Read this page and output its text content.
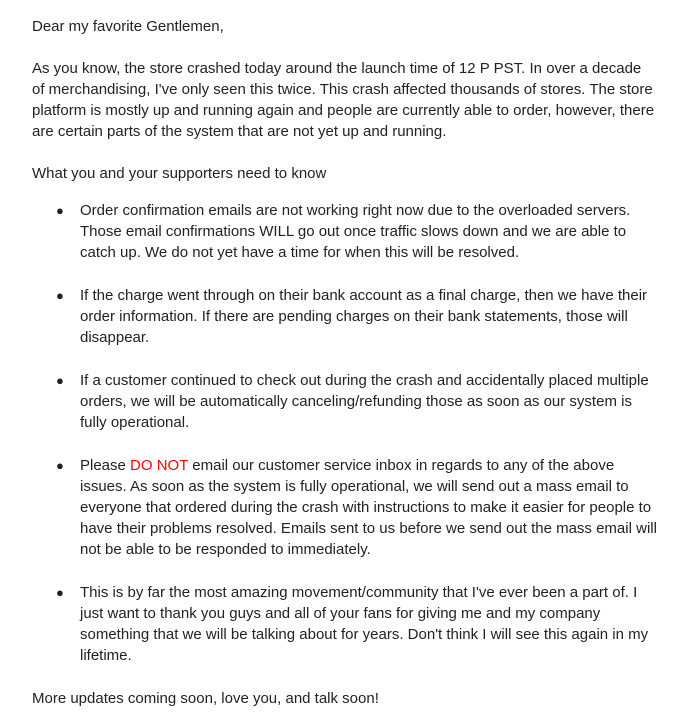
Dear my favorite Gentlemen,

As you know, the store crashed today around the launch time of 12 P PST. In over a decade of merchandising, I've only seen this twice. This crash affected thousands of stores. The store platform is mostly up and running again and people are currently able to order, however, there are certain parts of the system that are not yet up and running.

What you and your supporters need to know

● Order confirmation emails are not working right now due to the overloaded servers. Those email confirmations WILL go out once traffic slows down and we are able to catch up. We do not yet have a time for when this will be resolved.
● If the charge went through on their bank account as a final charge, then we have their order information. If there are pending charges on their bank statements, those will disappear.
● If a customer continued to check out during the crash and accidentally placed multiple orders, we will be automatically canceling/refunding those as soon as our system is fully operational.
● Please DO NOT email our customer service inbox in regards to any of the above issues. As soon as the system is fully operational, we will send out a mass email to everyone that ordered during the crash with instructions to make it easier for people to have their problems resolved. Emails sent to us before we send out the mass email will not be able to be responded to immediately.
● This is by far the most amazing movement/community that I've ever been a part of. I just want to thank you guys and all of your fans for giving me and my company something that we will be talking about for years. Don't think I will see this again in my lifetime.

More updates coming soon, love you, and talk soon!
